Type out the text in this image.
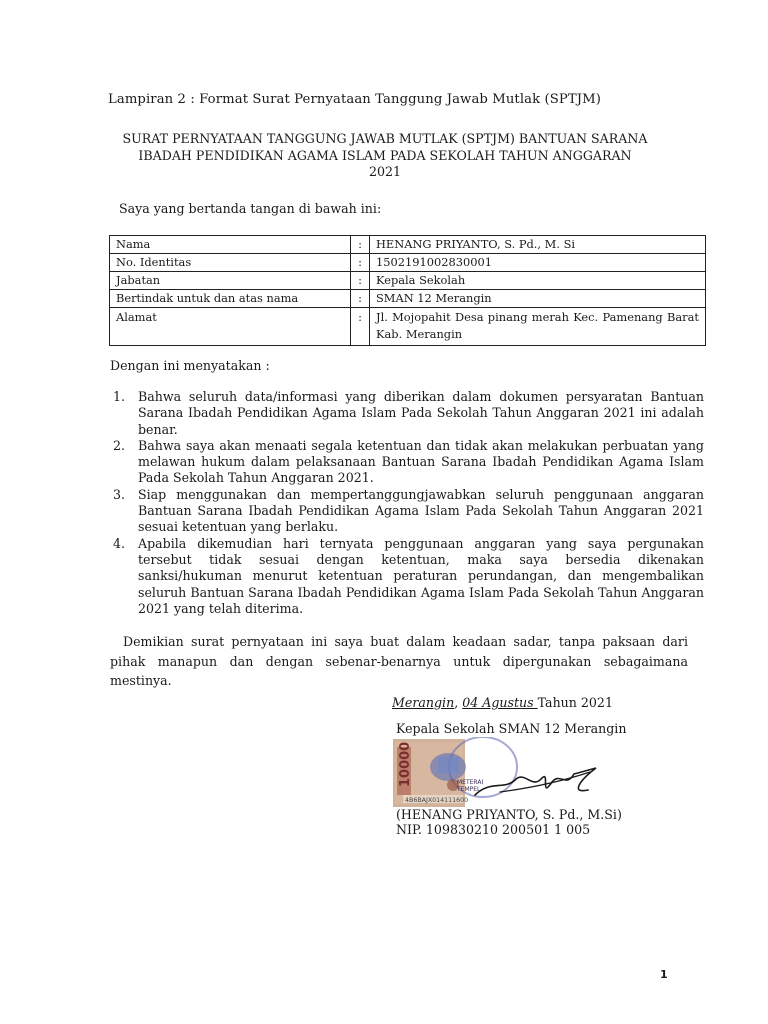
Lampiran 2 : Format Surat Pernyataan Tanggung Jawab Mutlak (SPTJM)
SURAT PERNYATAAN TANGGUNG JAWAB MUTLAK (SPTJM) BANTUAN SARANA
IBADAH PENDIDIKAN AGAMA ISLAM PADA SEKOLAH TAHUN ANGGARAN
2021
Saya yang bertanda tangan di bawah ini:
Nama	:	HENANG PRIYANTO, S. Pd., M. Si
No. Identitas	:	1502191002830001
Jabatan	:	Kepala Sekolah
Bertindak untuk dan atas nama	:	SMAN 12 Merangin
Alamat	:	Jl. Mojopahit Desa pinang merah Kec. Pamenang Barat Kab. Merangin
Dengan ini menyatakan :
1. Bahwa seluruh data/informasi yang diberikan dalam dokumen persyaratan Bantuan Sarana Ibadah Pendidikan Agama Islam Pada Sekolah Tahun Anggaran 2021 ini adalah benar.
2. Bahwa saya akan menaati segala ketentuan dan tidak akan melakukan perbuatan yang melawan hukum dalam pelaksanaan Bantuan Sarana Ibadah Pendidikan Agama Islam Pada Sekolah Tahun Anggaran 2021.
3. Siap menggunakan dan mempertanggungjawabkan seluruh penggunaan anggaran Bantuan Sarana Ibadah Pendidikan Agama Islam Pada Sekolah Tahun Anggaran 2021 sesuai ketentuan yang berlaku.
4. Apabila dikemudian hari ternyata penggunaan anggaran yang saya pergunakan tersebut tidak sesuai dengan ketentuan, maka saya bersedia dikenakan sanksi/hukuman menurut ketentuan peraturan perundangan, dan mengembalikan seluruh Bantuan Sarana Ibadah Pendidikan Agama Islam Pada Sekolah Tahun Anggaran 2021 yang telah diterima.
Demikian surat pernyataan ini saya buat dalam keadaan sadar, tanpa paksaan dari pihak manapun dan dengan sebenar-benarnya untuk dipergunakan sebagaimana mestinya.
Merangin, 04 Agustus Tahun 2021
Kepala Sekolah SMAN 12 Merangin
10000	METERAI
TEMPEL
4B6BAJX014111600
(HENANG PRIYANTO, S. Pd., M.Si)
NIP. 109830210 200501 1 005
1
